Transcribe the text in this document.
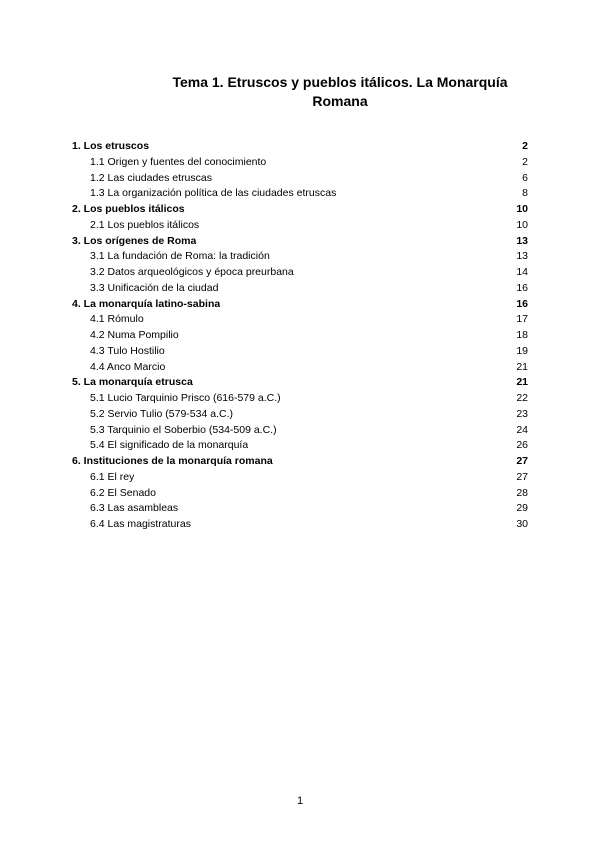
Tema 1. Etruscos y pueblos itálicos. La Monarquía
Romana
1. Los etruscos	2
1.1 Origen y fuentes del conocimiento	2
1.2 Las ciudades etruscas	6
1.3 La organización política de las ciudades etruscas	8
2. Los pueblos itálicos	10
2.1 Los pueblos itálicos	10
3. Los orígenes de Roma	13
3.1 La fundación de Roma: la tradición	13
3.2 Datos arqueológicos y época preurbana	14
3.3 Unificación de la ciudad	16
4. La monarquía latino-sabina	16
4.1 Rómulo	17
4.2 Numa Pompilio	18
4.3 Tulo Hostilio	19
4.4 Anco Marcio	21
5. La monarquía etrusca	21
5.1 Lucio Tarquinio Prisco (616-579 a.C.)	22
5.2 Servio Tulio (579-534 a.C.)	23
5.3 Tarquinio el Soberbio (534-509 a.C.)	24
5.4 El significado de la monarquía	26
6. Instituciones de la monarquía romana	27
6.1 El rey	27
6.2 El Senado	28
6.3 Las asambleas	29
6.4 Las magistraturas	30
1
